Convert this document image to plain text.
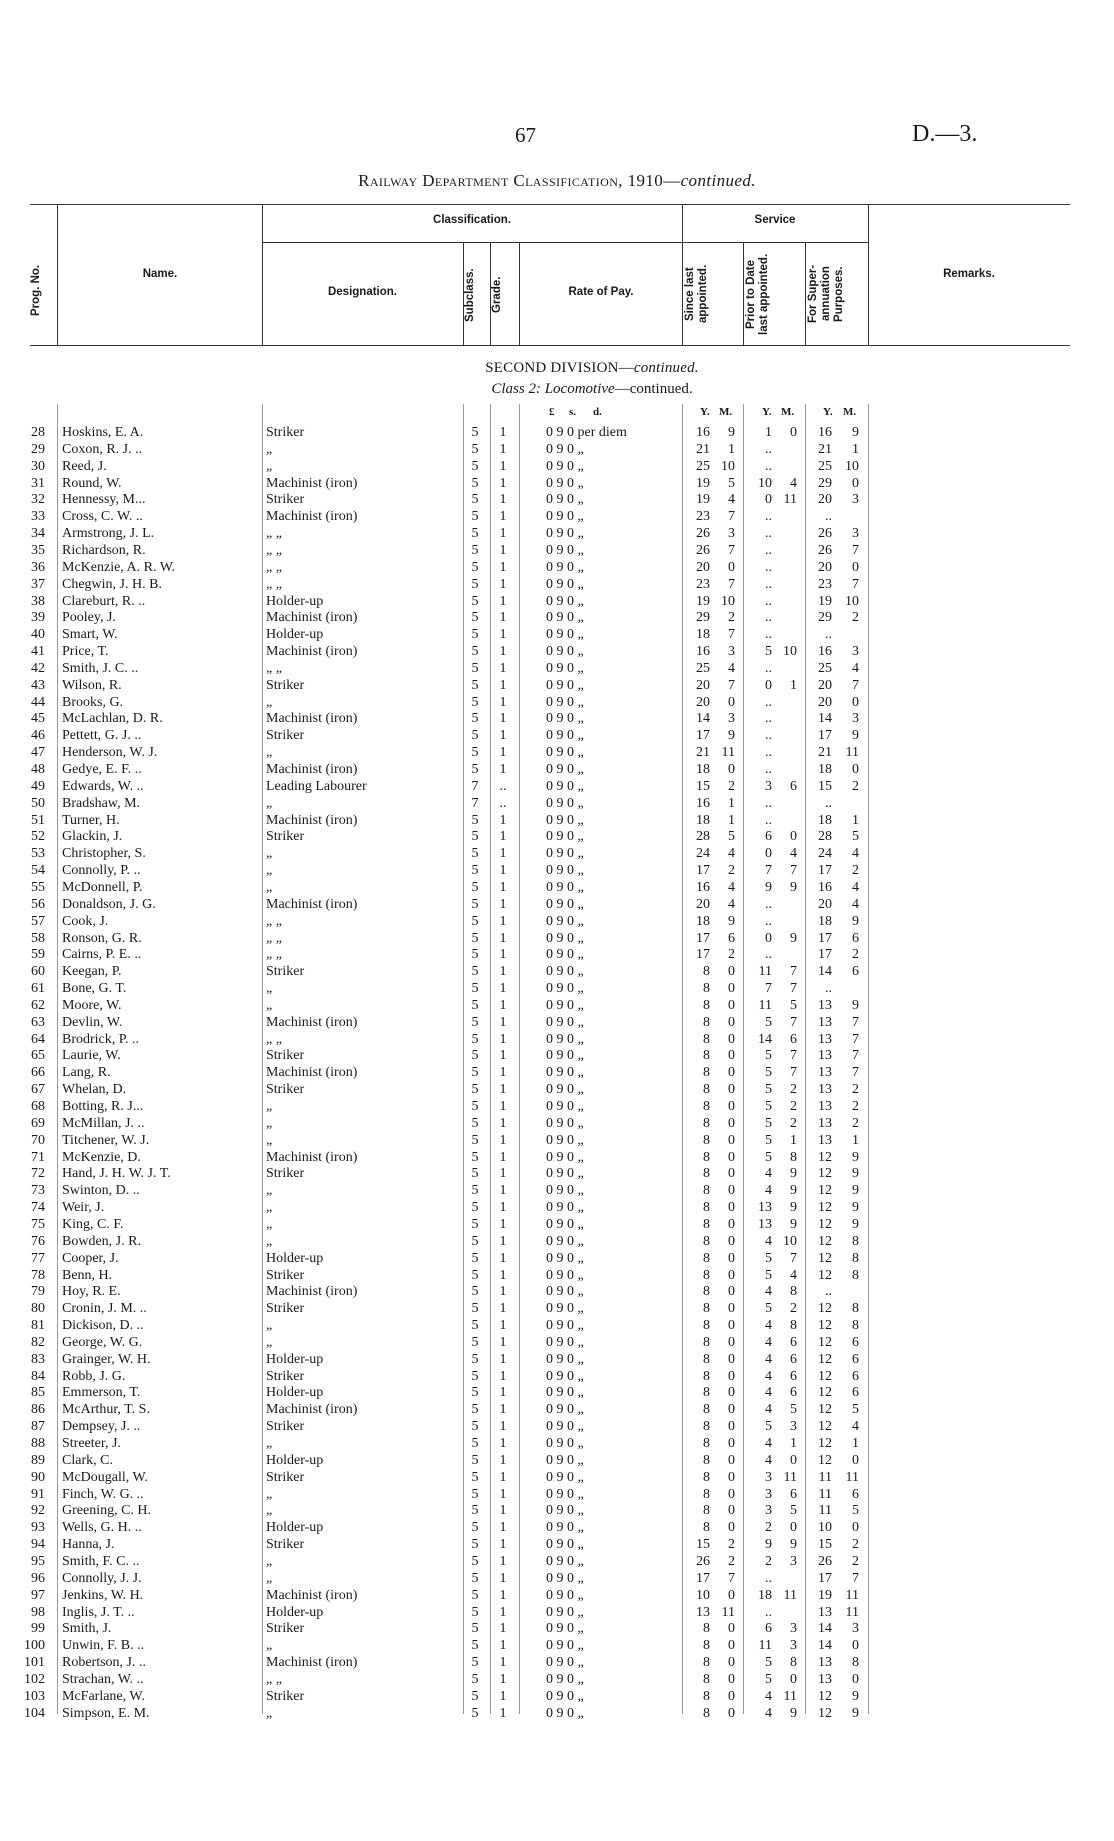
67	D.—3.
Railway Department Classification, 1910—continued.
Prog. No.	Name.
Classification.
Designation.	Subclass.	Grade.	Rate of Pay.
Service
Since last appointed.	Prior to Date last appointed.	For Super-annuation Purposes.	Remarks.
SECOND DIVISION—continued.
Class 2: Locomotive—continued.
£ s. d.	Y. M.	Y. M.	Y. M.
28 Hoskins, E. A.	Striker	5 1	0 9 0 per diem	16	9	1	0	16	9
29 Coxon, R. J. ..	„	5 1	0 9 0 „	21	1	..	21	1
30 Reed, J.	„	5 1	0 9 0 „	25 10	..	25 10
31 Round, W.	Machinist (iron)	5 1	0 9 0 „	19	5	10	4	29	0
32 Hennessy, M...	Striker	5 1	0 9 0 „	19	4	0 11	20	3
33 Cross, C. W. ..	Machinist (iron)	5 1	0 9 0 „	23	7	..	..
34 Armstrong, J. L.	„ „	5 1	0 9 0 „	26	3	..	26	3
35 Richardson, R.	„ „	5 1	0 9 0 „	26	7	..	26	7
36 McKenzie, A. R. W.	„ „	5 1	0 9 0 „	20	0	..	20	0
37 Chegwin, J. H. B.	„ „	5 1	0 9 0 „	23	7	..	23	7
38 Clareburt, R. ..	Holder-up	5 1	0 9 0 „	19 10	..	19 10
39 Pooley, J.	Machinist (iron)	5 1	0 9 0 „	29	2	..	29	2
40 Smart, W.	Holder-up	5 1	0 9 0 „	18	7	..	..
41 Price, T.	Machinist (iron)	5 1	0 9 0 „	16	3	5 10	16	3
42 Smith, J. C. ..	„ „	5 1	0 9 0 „	25	4	..	25	4
43 Wilson, R.	Striker	5 1	0 9 0 „	20	7	0	1	20	7
44 Brooks, G.	„	5 1	0 9 0 „	20	0	..	20	0
45 McLachlan, D. R.	Machinist (iron)	5 1	0 9 0 „	14	3	..	14	3
46 Pettett, G. J. ..	Striker	5 1	0 9 0 „	17	9	..	17	9
47 Henderson, W. J.	„	5 1	0 9 0 „	21 11	..	21 11
48 Gedye, E. F. ..	Machinist (iron)	5 1	0 9 0 „	18	0	..	18	0
49 Edwards, W. ..	Leading Labourer	7 ..	0 9 0 „	15	2	3	6	15	2
50 Bradshaw, M.	„	7 ..	0 9 0 „	16	1	..	..
51 Turner, H.	Machinist (iron)	5 1	0 9 0 „	18	1	..	18	1
52 Glackin, J.	Striker	5 1	0 9 0 „	28	5	6	0	28	5
53 Christopher, S.	„	5 1	0 9 0 „	24	4	0	4	24	4
54 Connolly, P. ..	„	5 1	0 9 0 „	17	2	7	7	17	2
55 McDonnell, P.	„	5 1	0 9 0 „	16	4	9	9	16	4
56 Donaldson, J. G.	Machinist (iron)	5 1	0 9 0 „	20	4	..	20	4
57 Cook, J.	„ „	5 1	0 9 0 „	18	9	..	18	9
58 Ronson, G. R.	„ „	5 1	0 9 0 „	17	6	0	9	17	6
59 Cairns, P. E. ..	„ „	5 1	0 9 0 „	17	2	..	17	2
60 Keegan, P.	Striker	5 1	0 9 0 „	8	0	11	7	14	6
61 Bone, G. T.	„	5 1	0 9 0 „	8	0	7	7	..
62 Moore, W.	„	5 1	0 9 0 „	8	0	11	5	13	9
63 Devlin, W.	Machinist (iron)	5 1	0 9 0 „	8	0	5	7	13	7
64 Brodrick, P. ..	„ „	5 1	0 9 0 „	8	0	14	6	13	7
65 Laurie, W.	Striker	5 1	0 9 0 „	8	0	5	7	13	7
66 Lang, R.	Machinist (iron)	5 1	0 9 0 „	8	0	5	7	13	7
67 Whelan, D.	Striker	5 1	0 9 0 „	8	0	5	2	13	2
68 Botting, R. J...	„	5 1	0 9 0 „	8	0	5	2	13	2
69 McMillan, J. ..	„	5 1	0 9 0 „	8	0	5	2	13	2
70 Titchener, W. J.	„	5 1	0 9 0 „	8	0	5	1	13	1
71 McKenzie, D.	Machinist (iron)	5 1	0 9 0 „	8	0	5	8	12	9
72 Hand, J. H. W. J. T.	Striker	5 1	0 9 0 „	8	0	4	9	12	9
73 Swinton, D. ..	„	5 1	0 9 0 „	8	0	4	9	12	9
74 Weir, J.	„	5 1	0 9 0 „	8	0	13	9	12	9
75 King, C. F.	„	5 1	0 9 0 „	8	0	13	9	12	9
76 Bowden, J. R.	„	5 1	0 9 0 „	8	0	4 10	12	8
77 Cooper, J.	Holder-up	5 1	0 9 0 „	8	0	5	7	12	8
78 Benn, H.	Striker	5 1	0 9 0 „	8	0	5	4	12	8
79 Hoy, R. E.	Machinist (iron)	5 1	0 9 0 „	8	0	4	8	..
80 Cronin, J. M. ..	Striker	5 1	0 9 0 „	8	0	5	2	12	8
81 Dickison, D. ..	„	5 1	0 9 0 „	8	0	4	8	12	8
82 George, W. G.	„	5 1	0 9 0 „	8	0	4	6	12	6
83 Grainger, W. H.	Holder-up	5 1	0 9 0 „	8	0	4	6	12	6
84 Robb, J. G.	Striker	5 1	0 9 0 „	8	0	4	6	12	6
85 Emmerson, T.	Holder-up	5 1	0 9 0 „	8	0	4	6	12	6
86 McArthur, T. S.	Machinist (iron)	5 1	0 9 0 „	8	0	4	5	12	5
87 Dempsey, J. ..	Striker	5 1	0 9 0 „	8	0	5	3	12	4
88 Streeter, J.	„	5 1	0 9 0 „	8	0	4	1	12	1
89 Clark, C.	Holder-up	5 1	0 9 0 „	8	0	4	0	12	0
90 McDougall, W.	Striker	5 1	0 9 0 „	8	0	3 11	11 11
91 Finch, W. G. ..	„	5 1	0 9 0 „	8	0	3	6	11	6
92 Greening, C. H.	„	5 1	0 9 0 „	8	0	3	5	11	5
93 Wells, G. H. ..	Holder-up	5 1	0 9 0 „	8	0	2	0	10	0
94 Hanna, J.	Striker	5 1	0 9 0 „	15	2	9	9	15	2
95 Smith, F. C. ..	„	5 1	0 9 0 „	26	2	2	3	26	2
96 Connolly, J. J.	„	5 1	0 9 0 „	17	7	..	17	7
97 Jenkins, W. H.	Machinist (iron)	5 1	0 9 0 „	10	0	18 11	19 11
98 Inglis, J. T. ..	Holder-up	5 1	0 9 0 „	13 11	..	13 11
99 Smith, J.	Striker	5 1	0 9 0 „	8	0	6	3	14	3
100 Unwin, F. B. ..	„	5 1	0 9 0 „	8	0	11	3	14	0
101 Robertson, J. ..	Machinist (iron)	5 1	0 9 0 „	8	0	5	8	13	8
102 Strachan, W. ..	„ „	5 1	0 9 0 „	8	0	5	0	13	0
103 McFarlane, W.	Striker	5 1	0 9 0 „	8	0	4 11	12	9
104 Simpson, E. M.	„	5 1	0 9 0 „	8	0	4	9	12	9
